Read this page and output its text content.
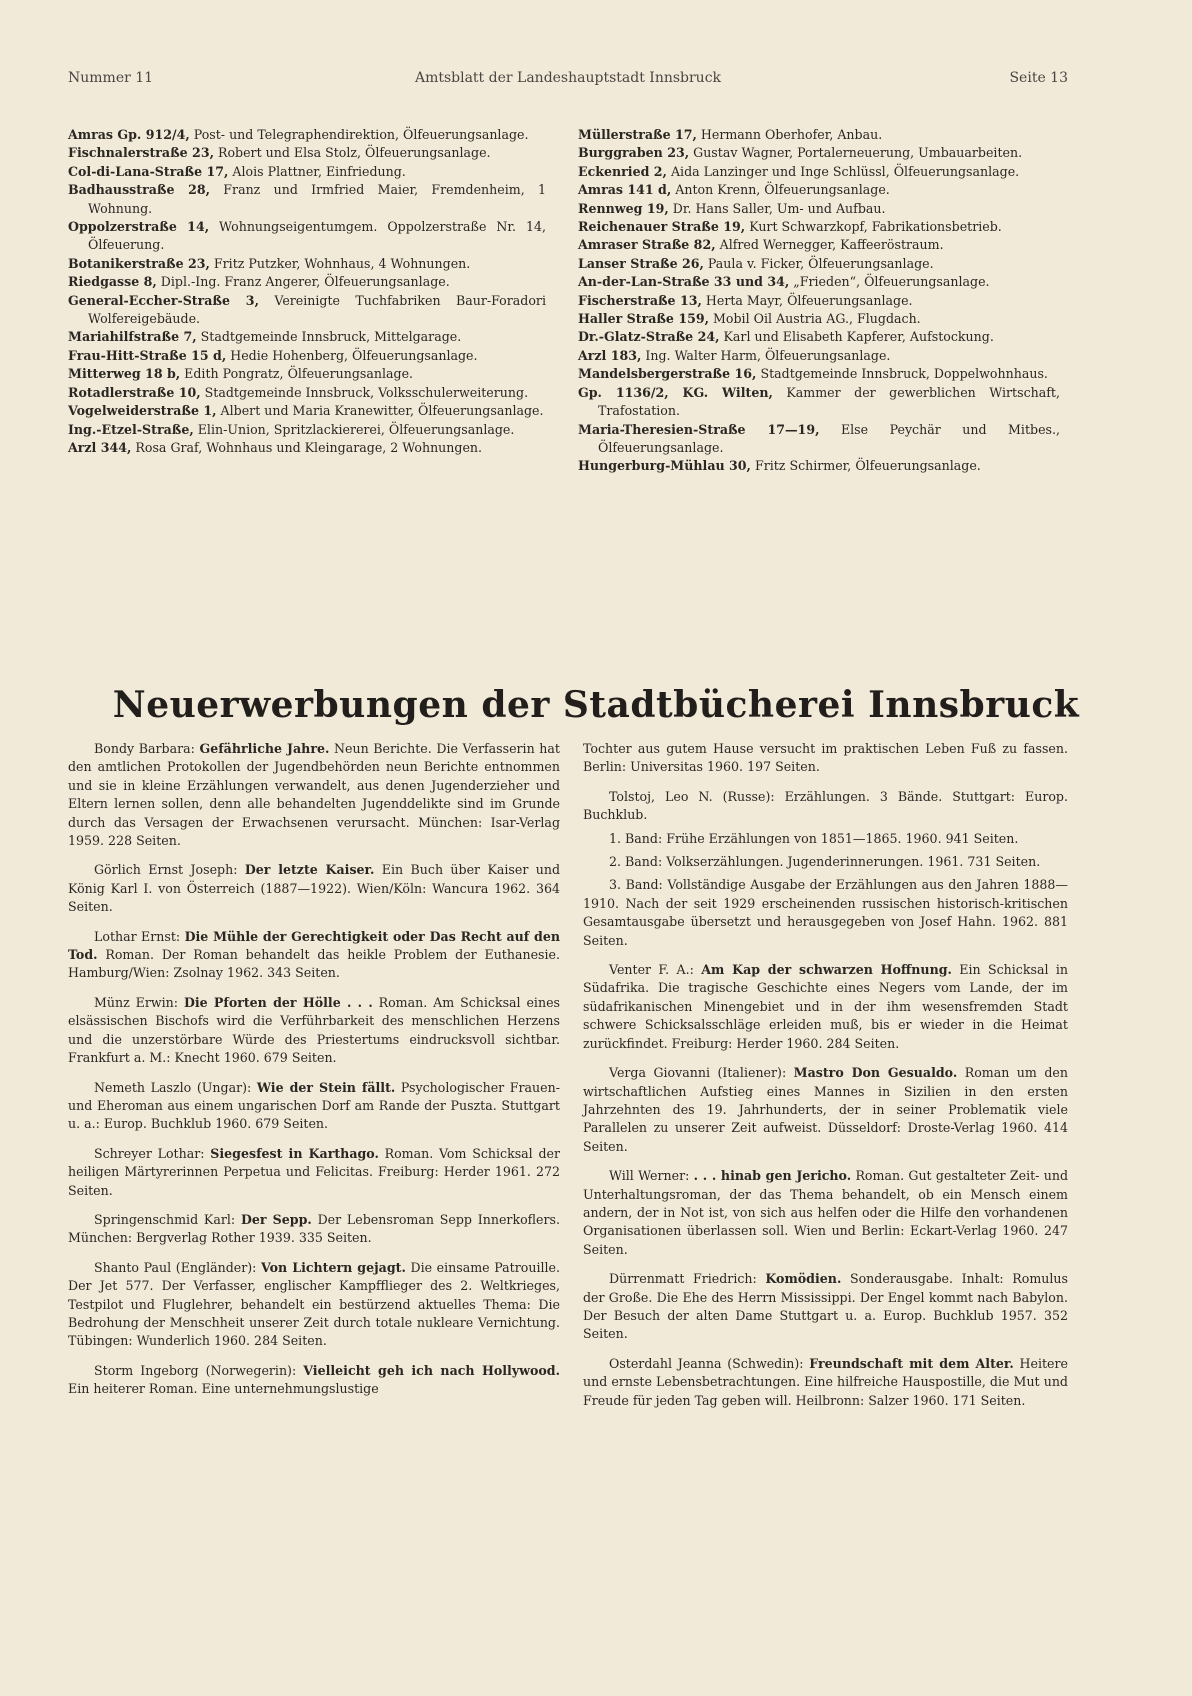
Nummer 11	Amtsblatt der Landeshauptstadt Innsbruck	Seite 13

Amras Gp. 912/4, Post- und Telegraphendirektion, Ölfeuerungsanlage.

Fischnalerstraße 23, Robert und Elsa Stolz, Ölfeuerungsanlage.

Col-di-Lana-Straße 17, Alois Plattner, Einfriedung.

Badhausstraße 28, Franz und Irmfried Maier, Fremdenheim, 1 Wohnung.

Oppolzerstraße 14, Wohnungseigentumgem. Oppolzerstraße Nr. 14, Ölfeuerung.

Botanikerstraße 23, Fritz Putzker, Wohnhaus, 4 Wohnungen.

Riedgasse 8, Dipl.-Ing. Franz Angerer, Ölfeuerungsanlage.

General-Eccher-Straße 3, Vereinigte Tuchfabriken Baur-Foradori Wolfereigebäude.

Mariahilfstraße 7, Stadtgemeinde Innsbruck, Mittelgarage.

Frau-Hitt-Straße 15 d, Hedie Hohenberg, Ölfeuerungsanlage.

Mitterweg 18 b, Edith Pongratz, Ölfeuerungsanlage.

Rotadlerstraße 10, Stadtgemeinde Innsbruck, Volksschulerweiterung.

Vogelweiderstraße 1, Albert und Maria Kranewitter, Ölfeuerungsanlage.

Ing.-Etzel-Straße, Elin-Union, Spritzlackiererei, Ölfeuerungsanlage.

Arzl 344, Rosa Graf, Wohnhaus und Kleingarage, 2 Wohnungen.

Müllerstraße 17, Hermann Oberhofer, Anbau.

Burggraben 23, Gustav Wagner, Portalerneuerung, Umbauarbeiten.

Eckenried 2, Aida Lanzinger und Inge Schlüssl, Ölfeuerungsanlage.

Amras 141 d, Anton Krenn, Ölfeuerungsanlage.

Rennweg 19, Dr. Hans Saller, Um- und Aufbau.

Reichenauer Straße 19, Kurt Schwarzkopf, Fabrikationsbetrieb.

Amraser Straße 82, Alfred Wernegger, Kaffeeröstraum.

Lanser Straße 26, Paula v. Ficker, Ölfeuerungsanlage.

An-der-Lan-Straße 33 und 34, „Frieden“, Ölfeuerungsanlage.

Fischerstraße 13, Herta Mayr, Ölfeuerungsanlage.

Haller Straße 159, Mobil Oil Austria AG., Flugdach.

Dr.-Glatz-Straße 24, Karl und Elisabeth Kapferer, Aufstockung.

Arzl 183, Ing. Walter Harm, Ölfeuerungsanlage.

Mandelsbergerstraße 16, Stadtgemeinde Innsbruck, Doppelwohnhaus.

Gp. 1136/2, KG. Wilten, Kammer der gewerblichen Wirtschaft, Trafostation.

Maria-Theresien-Straße 17—19, Else Peychär und Mitbes., Ölfeuerungsanlage.

Hungerburg-Mühlau 30, Fritz Schirmer, Ölfeuerungsanlage.

Neuerwerbungen der Stadtbücherei Innsbruck

Bondy Barbara: Gefährliche Jahre. Neun Berichte. Die Verfasserin hat den amtlichen Protokollen der Jugendbehörden neun Berichte entnommen und sie in kleine Erzählungen verwandelt, aus denen Jugenderzieher und Eltern lernen sollen, denn alle behandelten Jugenddelikte sind im Grunde durch das Versagen der Erwachsenen verursacht. München: Isar-Verlag 1959. 228 Seiten.

Görlich Ernst Joseph: Der letzte Kaiser. Ein Buch über Kaiser und König Karl I. von Österreich (1887—1922). Wien/Köln: Wancura 1962. 364 Seiten.

Lothar Ernst: Die Mühle der Gerechtigkeit oder Das Recht auf den Tod. Roman. Der Roman behandelt das heikle Problem der Euthanesie. Hamburg/Wien: Zsolnay 1962. 343 Seiten.

Münz Erwin: Die Pforten der Hölle . . . Roman. Am Schicksal eines elsässischen Bischofs wird die Verführbarkeit des menschlichen Herzens und die unzerstörbare Würde des Priestertums eindrucksvoll sichtbar. Frankfurt a. M.: Knecht 1960. 679 Seiten.

Nemeth Laszlo (Ungar): Wie der Stein fällt. Psychologischer Frauen- und Eheroman aus einem ungarischen Dorf am Rande der Puszta. Stuttgart u. a.: Europ. Buchklub 1960. 679 Seiten.

Schreyer Lothar: Siegesfest in Karthago. Roman. Vom Schicksal der heiligen Märtyrerinnen Perpetua und Felicitas. Freiburg: Herder 1961. 272 Seiten.

Springenschmid Karl: Der Sepp. Der Lebensroman Sepp Innerkoflers. München: Bergverlag Rother 1939. 335 Seiten.

Shanto Paul (Engländer): Von Lichtern gejagt. Die einsame Patrouille. Der Jet 577. Der Verfasser, englischer Kampfflieger des 2. Weltkrieges, Testpilot und Fluglehrer, behandelt ein bestürzend aktuelles Thema: Die Bedrohung der Menschheit unserer Zeit durch totale nukleare Vernichtung. Tübingen: Wunderlich 1960. 284 Seiten.

Storm Ingeborg (Norwegerin): Vielleicht geh ich nach Hollywood. Ein heiterer Roman. Eine unternehmungslustige

Tochter aus gutem Hause versucht im praktischen Leben Fuß zu fassen. Berlin: Universitas 1960. 197 Seiten.

Tolstoj, Leo N. (Russe): Erzählungen. 3 Bände. Stuttgart: Europ. Buchklub.

1. Band: Frühe Erzählungen von 1851—1865. 1960. 941 Seiten.

2. Band: Volkserzählungen. Jugenderinnerungen. 1961. 731 Seiten.

3. Band: Vollständige Ausgabe der Erzählungen aus den Jahren 1888—1910. Nach der seit 1929 erscheinenden russischen historisch-kritischen Gesamtausgabe übersetzt und herausgegeben von Josef Hahn. 1962. 881 Seiten.

Venter F. A.: Am Kap der schwarzen Hoffnung. Ein Schicksal in Südafrika. Die tragische Geschichte eines Negers vom Lande, der im südafrikanischen Minengebiet und in der ihm wesensfremden Stadt schwere Schicksalsschläge erleiden muß, bis er wieder in die Heimat zurückfindet. Freiburg: Herder 1960. 284 Seiten.

Verga Giovanni (Italiener): Mastro Don Gesualdo. Roman um den wirtschaftlichen Aufstieg eines Mannes in Sizilien in den ersten Jahrzehnten des 19. Jahrhunderts, der in seiner Problematik viele Parallelen zu unserer Zeit aufweist. Düsseldorf: Droste-Verlag 1960. 414 Seiten.

Will Werner: . . . hinab gen Jericho. Roman. Gut gestalteter Zeit- und Unterhaltungsroman, der das Thema behandelt, ob ein Mensch einem andern, der in Not ist, von sich aus helfen oder die Hilfe den vorhandenen Organisationen überlassen soll. Wien und Berlin: Eckart-Verlag 1960. 247 Seiten.

Dürrenmatt Friedrich: Komödien. Sonderausgabe. Inhalt: Romulus der Große. Die Ehe des Herrn Mississippi. Der Engel kommt nach Babylon. Der Besuch der alten Dame Stuttgart u. a. Europ. Buchklub 1957. 352 Seiten.

Osterdahl Jeanna (Schwedin): Freundschaft mit dem Alter. Heitere und ernste Lebensbetrachtungen. Eine hilfreiche Hauspostille, die Mut und Freude für jeden Tag geben will. Heilbronn: Salzer 1960. 171 Seiten.
